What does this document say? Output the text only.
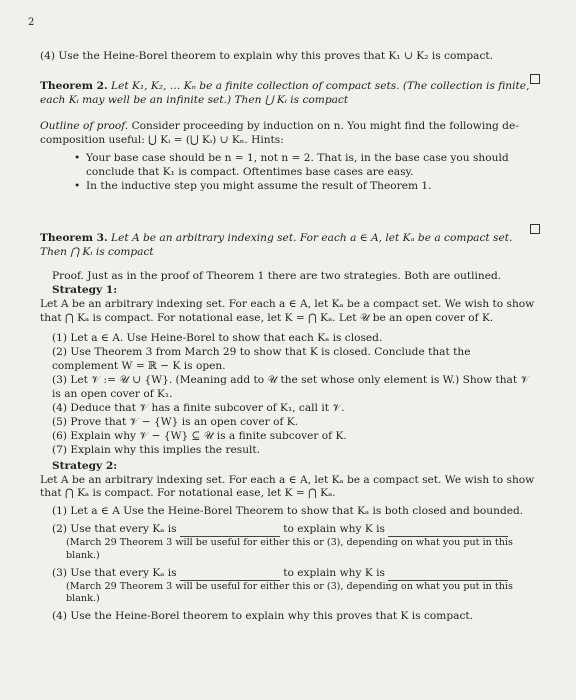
2
(4) Use the Heine-Borel theorem to explain why this proves that K₁ ∪ K₂ is compact.
Theorem 2. Let K₁, K₂, … Kₙ be a finite collection of compact sets. (The collection is finite, each Kᵢ may well be an infinite set.) Then ⋃ Kᵢ is compact
Outline of proof. Consider proceeding by induction on n. You might find the following de-composition useful: ⋃ Kᵢ = (⋃ Kᵢ) ∪ Kₙ. Hints:
• Your base case should be n = 1, not n = 2. That is, in the base case you should conclude that K₁ is compact. Oftentimes base cases are easy.
• In the inductive step you might assume the result of Theorem 1.
Theorem 3. Let A be an arbitrary indexing set. For each a ∈ A, let Kₐ be a compact set. Then ⋂ Kᵢ is compact
Proof. Just as in the proof of Theorem 1 there are two strategies. Both are outlined.
Strategy 1:
Let A be an arbitrary indexing set. For each a ∈ A, let Kₐ be a compact set. We wish to show that ⋂ Kₐ is compact. For notational ease, let K = ⋂ Kₐ. Let 𝒰 be an open cover of K.
(1) Let a ∈ A. Use Heine-Borel to show that each Kₐ is closed.
(2) Use Theorem 3 from March 29 to show that K is closed. Conclude that the complement W = ℝ − K is open.
(3) Let 𝒱 := 𝒰 ∪ {W}. (Meaning add to 𝒰 the set whose only element is W.) Show that 𝒱 is an open cover of K₁.
(4) Deduce that 𝒱 has a finite subcover of K₁, call it 𝒱.
(5) Prove that 𝒱 − {W} is an open cover of K.
(6) Explain why 𝒱 − {W} ⊆ 𝒰 is a finite subcover of K.
(7) Explain why this implies the result.
Strategy 2:
Let A be an arbitrary indexing set. For each a ∈ A, let Kₐ be a compact set. We wish to show that ⋂ Kₐ is compact. For notational ease, let K = ⋂ Kₐ.
(1) Let a ∈ A Use the Heine-Borel Theorem to show that Kₐ is both closed and bounded.
(2) Use that every Kₐ is	to explain why K is
(March 29 Theorem 3 will be useful for either this or (3), depending on what you put in this blank.)
(3) Use that every Kₐ is	to explain why K is
(March 29 Theorem 3 will be useful for either this or (3), depending on what you put in this blank.)
(4) Use the Heine-Borel theorem to explain why this proves that K is compact.
